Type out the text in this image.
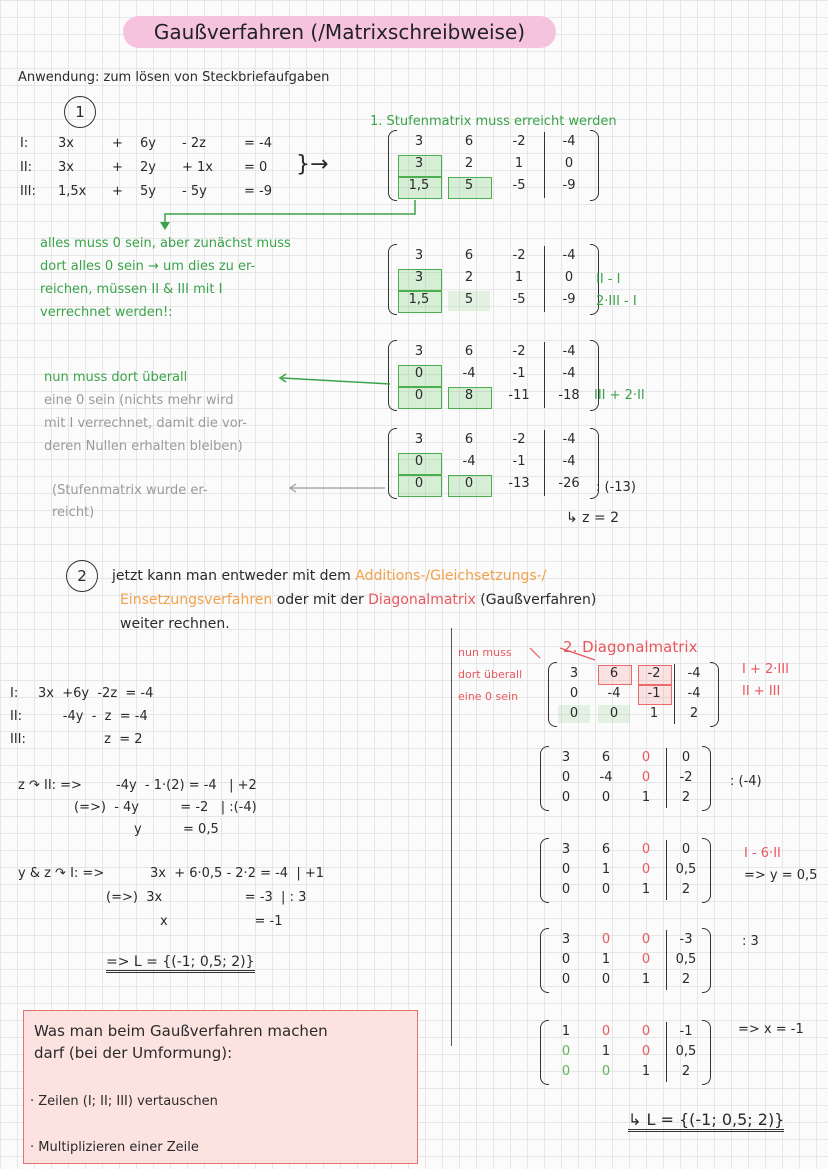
Gaußverfahren (/Matrixschreibweise)
Anwendung: zum lösen von Steckbriefaufgaben
1
1. Stufenmatrix muss erreicht werden
I: 3x	+ 6y - 2z	= -4
II: 3x	+ 2y + 1x = 0
III: 1,5x + 5y - 5y	= -9
}→
3	6	-2	-4
3	2	1	0
1,5	5	-5	-9
3	6	-2	-4
3	2	1	0
1,5	5	-5	-9
II - I
2·III - I
3	6	-2	-4
0	-4	-1	-4
0	8	-11	-18	III + 2·II
3	6	-2	-4
0	-4	-1	-4
0	0	-13	-26	: (-13)
alles muss 0 sein, aber zunächst muss
dort alles 0 sein → um dies zu er-
reichen, müssen II & III mit I
verrechnet werden!:
nun muss dort überall
eine 0 sein (nichts mehr wird
mit I verrechnet, damit die vor-
deren Nullen erhalten bleiben)
(Stufenmatrix wurde er-
reicht)	↳ z = 2
2	jetzt kann man entweder mit dem Additions-/Gleichsetzungs-/
Einsetzungsverfahren oder mit der Diagonalmatrix (Gaußverfahren)
weiter rechnen.
I: 3x  +6y  -2z  = -4
II: -4y  -  z  = -4
III: z  = 2
z ↷ II: =>	-4y  - 1·(2) = -4   | +2
(=>)  - 4y          = -2   | :(-4)
y          = 0,5
y & z ↷ I: =>	3x  + 6·0,5 - 2·2 = -4  | +1
(=>)  3x                    = -3  | : 3
x                     = -1
=> L = {(-1; 0,5; 2)}
2. Diagonalmatrix
nun muss
dort überall
eine 0 sein
3	6	-2	-4
0	-4	-1	-4
0	0	1	2
I + 2·III
II + III
3	6	0	0
0	-4	0	-2
0	0	1	2
: (-4)
3	6	0	0
0	1	0	0,5
0	0	1	2
I - 6·II
=> y = 0,5
3	0	0	-3
0	1	0	0,5
0	0	1	2
: 3
1	0	0	-1
0	1	0	0,5
0	0	1	2
=> x = -1
↳ L = {(-1; 0,5; 2)}
Was man beim Gaußverfahren machen
darf (bei der Umformung):
· Zeilen (I; II; III) vertauschen
· Multiplizieren einer Zeile
